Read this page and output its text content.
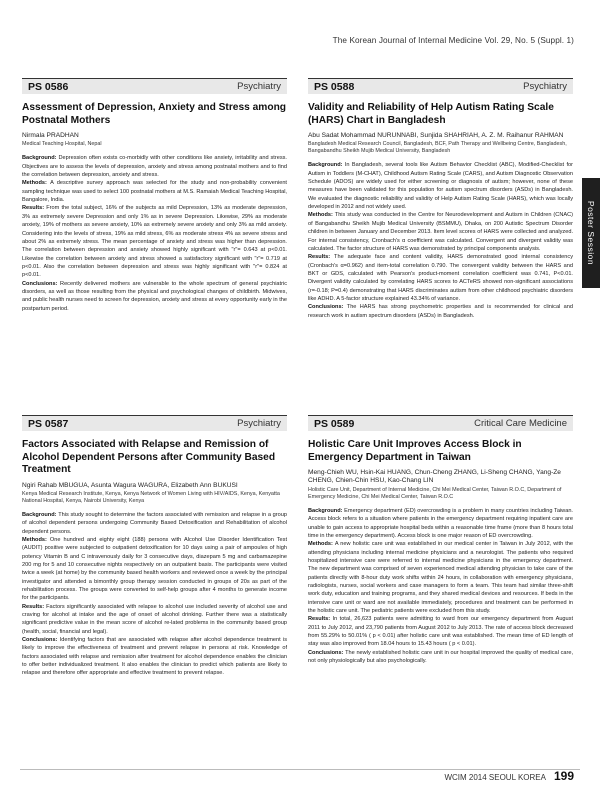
The Korean Journal of Internal Medicine Vol. 29, No. 5 (Suppl. 1)
PS 0586	Psychiatry
Assessment of Depression, Anxiety and Stress among Postnatal Mothers
Nirmala PRADHAN
Medical Teaching Hospital, Nepal

Background: Depression often exists co-morbidly with other conditions like anxiety, irritability and stress. Objectives are to assess the levels of depression, anxiety and stress among postnatal mothers and to find the correlation between depression, anxiety and stress.

Methods: A descriptive survey approach was selected for the study and non-probability convenient sampling technique was used to select 100 postnatal mothers at M.S. Ramaiah Medical Teaching Hospital, Bangalore, India.

Results: From the total subject, 16% of the subjects as mild Depression, 13% as moderate depression, 3% as extremely severe Depression and only 1% as in severe Depression. Likewise, 29% as moderate anxiety, 19% of mothers as severe anxiety, 10% as extremely severe anxiety and only 3% as mild anxiety. Considering into the levels of stress, 19% as mild stress, 6% as moderate stress 4% as severe stress and about 2% as extremely stress. The mean percentage of anxiety and stress was higher than depression. The correlation between depression and anxiety showed highly significant with "r"= 0.643 at p<0.01. Likewise the correlation between anxiety and stress showed a satisfactory significant with "r"= 0.719 at p<0.01. Also the correlation between depression and stress was highly significant with "r"= 0.824 at p<0.01.

Conclusions: Recently delivered mothers are vulnerable to the whole spectrum of general psychiatric disorders, as well as those resulting from the physical and psychological changes of childbirth. Midwives, and public health nurses need to screen for depression, anxiety and stress at every opportunity early in the postpartum period.

PS 0588	Psychiatry
Validity and Reliability of Help Autism Rating Scale (HARS) Chart in Bangladesh
Abu Sadat Mohammad NURUNNABI, Sunjida SHAHRIAH, A. Z. M. Raihanur RAHMAN
Bangladesh Medical Research Council, Bangladesh, BCF, Path Therapy and Wellbeing Centre, Bangladesh, Bangabandhu Sheikh Mujib Medical University, Bangladesh

Background: In Bangladesh, several tools like Autism Behavior Checklist (ABC), Modified-Checklist for Autism in Toddlers (M-CHAT), Childhood Autism Rating Scale (CARS), and Autism Diagnostic Observation Schedule (ADOS) are widely used for either screening or diagnosis of autism; however, none of these measures have been validated for this population for autism spectrum disorders (ASDs) in Bangladesh. We evaluated the diagnostic reliability and validity of Help Autism Rating Scale (HARS), which was locally developed in 2012 and not widely used.

Methods: This study was conducted in the Centre for Neurodevelopment and Autism in Children (CNAC) of Bangabandhu Sheikh Mujib Medical University (BSMMU), Dhaka, on 200 Autistic Spectrum Disorder children in between January and December 2013. Item level scores of HARS were collected and analyzed. For internal consistency, Cronbach's α coefficient was calculated. Convergent and divergent validity was calculated. The factor structure of HARS was demonstrated by principal components analysis.

Results: The adequate face and content validity, HARS demonstrated good internal consistency (Cronbach's α=0.962) and item-total correlation 0.790. The convergent validity between the HARS and BKT or GDS, calculated with Pearson's product-moment correlation coefficient was 0.741, P<0.01. Divergent validity calculated by correlating HARS scores to ACTeRS showed non-significant associations (r=-0.18; P=0.4) demonstrating that HARS discriminates autism from other childhood psychiatric disorders like ADHD. A 5-factor structure explained 43.34% of variance.

Conclusions: The HARS has strong psychometric properties and is recommended for clinical and research work in autism spectrum disorders (ASDs) in Bangladesh.

PS 0587	Psychiatry
Factors Associated with Relapse and Remission of Alcohol Dependent Persons after Community Based Treatment
Ngiri Rahab MBUGUA, Asunta Wagura WAGURA, Elizabeth Ann BUKUSI
Kenya Medical Research Institute, Kenya, Kenya Network of Women Living with HIV/AIDS, Kenya, Kenyatta National Hospital, Kenya, Nairobi University, Kenya

Background: This study sought to determine the factors associated with remission and relapse in a group of alcohol dependent persons undergoing Community Based Detoxification and Rehabilitation of alcohol dependent persons.

Methods: One hundred and eighty eight (188) persons with Alcohol Use Disorder Identification Test (AUDIT) positive were subjected to outpatient detoxification for 10 days using a pair of ampoules of high potency Vitamin B and C intravenously daily for 3 consecutive days, diazepam 5 mg and carbamazepine 200 mg for 5 and 10 consecutive nights respectively on an outpatient basis. The participants were visited twice a week (at home) by the community based health workers and reviewed once a week by the principal investigator and attended a bimonthly group therapy session conducted in groups of 20s as part of the rehabilitation process. The groups were converted to self-help groups after 4 months to generate income for the participants.

Results: Factors significantly associated with relapse to alcohol use included severity of alcohol use and craving for alcohol at intake and the age of onset of alcohol drinking. Further there was a statistically significant predictive value in the mean score of alcohol re-lated problems in the community based group (health, social, financial and legal).

Conclusions: Identifying factors that are associated with relapse after alcohol dependence treatment is likely to improve the effectiveness of treatment and prevent relapse in persons at risk. Knowledge of factors associated with relapse and remission after treatment for alcohol dependence enables the clinician to offer better individualized treatment. It also enables the clinician to predict which patients are likely to relapse and therefore offer appropriate and effective treatment to prevent relapse.

PS 0589	Critical Care Medicine
Holistic Care Unit Improves Access Block in Emergency Department in Taiwan
Meng-Chieh WU, Hsin-Kai HUANG, Chun-Cheng ZHANG, Li-Sheng CHANG, Yang-Ze CHENG, Chien-Chin HSU, Kao-Chang LIN
Holistic Care Unit, Department of Internal Medicine, Chi Mei Medical Center, Taiwan R.O.C, Department of Emergency Medicine, Chi Mei Medical Center, Taiwan R.O.C

Background: Emergency department (ED) overcrowding is a problem in many countries including Taiwan. Access block refers to a situation where patients in the emergency department requiring inpatient care are unable to gain access to appropriate hospital beds within a reasonable time frame (more than 8 hours total time in the emergency department). Access block is one major reason of ED overcrowding.

Methods: A new holistic care unit was established in our medical center in Taiwan in July 2012, with the attending physicians including internal medicine physicians and a neurologist. The patients who required hospitalized intensive care were referred to internal medicine physicians in the emergency department. The new department was comprised of seven experienced medical attending physician to take care of the patients directly with 8-hour duty work shifts within 24 hours, in collaboration with emergency physicians, radiologists, nurses, social workers and case managers to form a team. This team had similar three-shift work duty, education and training programs, and they shared medical devices and resources. If beds in the intensive care unit or ward are not available immediately, procedures and treatment can be performed in the holistic care unit. The pediatric patients were excluded from this study.

Results: In total, 26,623 patients were admitting to ward from our emergency department from August 2011 to July 2012, and 23,790 patients from August 2012 to July 2013. The rate of access block decreased from 55.29% to 50.01% ( p < 0.01) after holistic care unit was established. The mean time of ED length of stay was also improved from 18.04 hours to 15.43 hours ( p < 0.01).

Conclusions: The newly established holistic care unit in our hospital improved the quality of medical care, not only physiologically but also psychologically.

Poster Session
WCIM 2014 SEOUL KOREA 199
